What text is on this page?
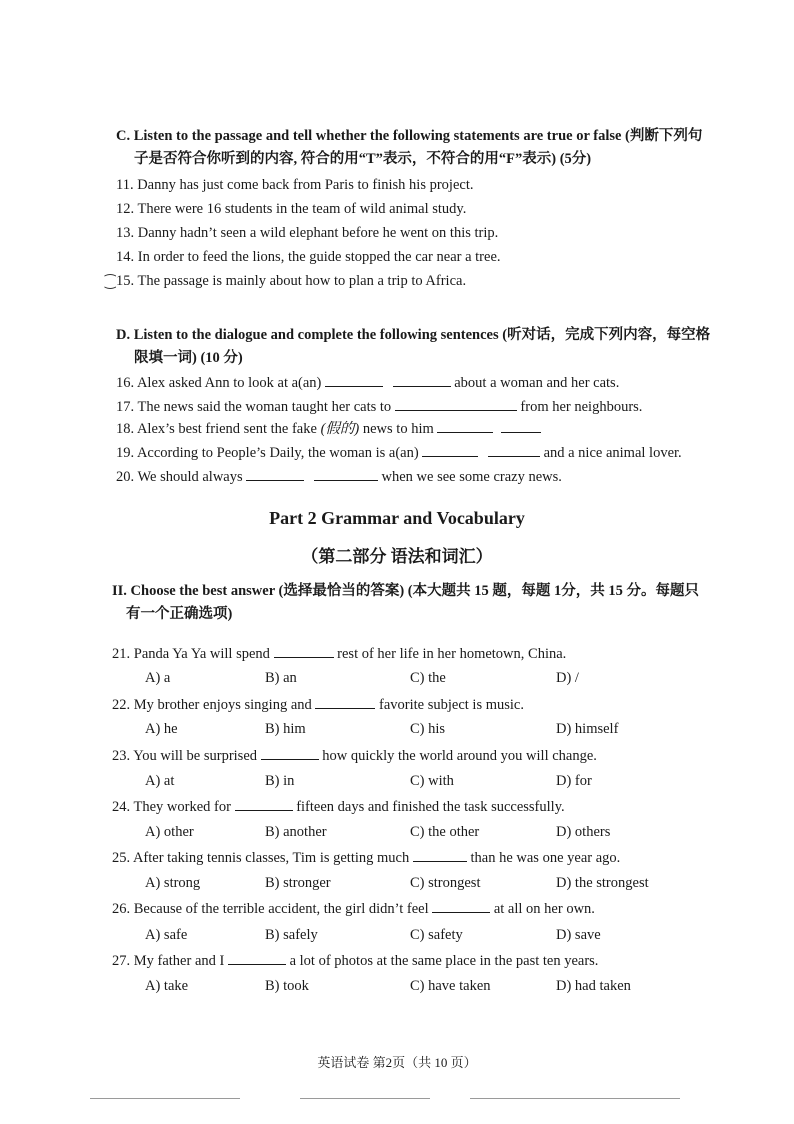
C. Listen to the passage and tell whether the following statements are true or false (判断下列句
子是否符合你听到的内容, 符合的用“T”表示，不符合的用“F”表示) (5分)
11. Danny has just come back from Paris to finish his project.
12. There were 16 students in the team of wild animal study.
13. Danny hadn’t seen a wild elephant before he went on this trip.
14. In order to feed the lions, the guide stopped the car near a tree.
⁐ 15. The passage is mainly about how to plan a trip to Africa.
D. Listen to the dialogue and complete the following sentences (听对话，完成下列内容，每空格
限填一词) (10 分)
16. Alex asked Ann to look at a(an)	about a woman and her cats.
17. The news said the woman taught her cats to	from her neighbours.
18. Alex’s best friend sent the fake (假的) news to him
19. According to People’s Daily, the woman is a(an)	and a nice animal lover.
20. We should always	when we see some crazy news.
Part 2 Grammar and Vocabulary
（第二部分 语法和词汇）
II. Choose the best answer (选择最恰当的答案) (本大题共 15 题，每题 1分，共 15 分。每题只
有一个正确选项)
21. Panda Ya Ya will spend	rest of her life in her hometown, China.
A) a	B) an	C) the	D) /
22. My brother enjoys singing and	favorite subject is music.
A) he	B) him	C) his	D) himself
23. You will be surprised	how quickly the world around you will change.
A) at	B) in	C) with	D) for
24. They worked for	fifteen days and finished the task successfully.
A) other	B) another	C) the other	D) others
25. After taking tennis classes, Tim is getting much	than he was one year ago.
A) strong	B) stronger	C) strongest	D) the strongest
26. Because of the terrible accident, the girl didn’t feel	at all on her own.
A) safe	B) safely	C) safety	D) save
27. My father and I	a lot of photos at the same place in the past ten years.
A) take	B) took	C) have taken	D) had taken
英语试卷 第2页（共 10 页）
